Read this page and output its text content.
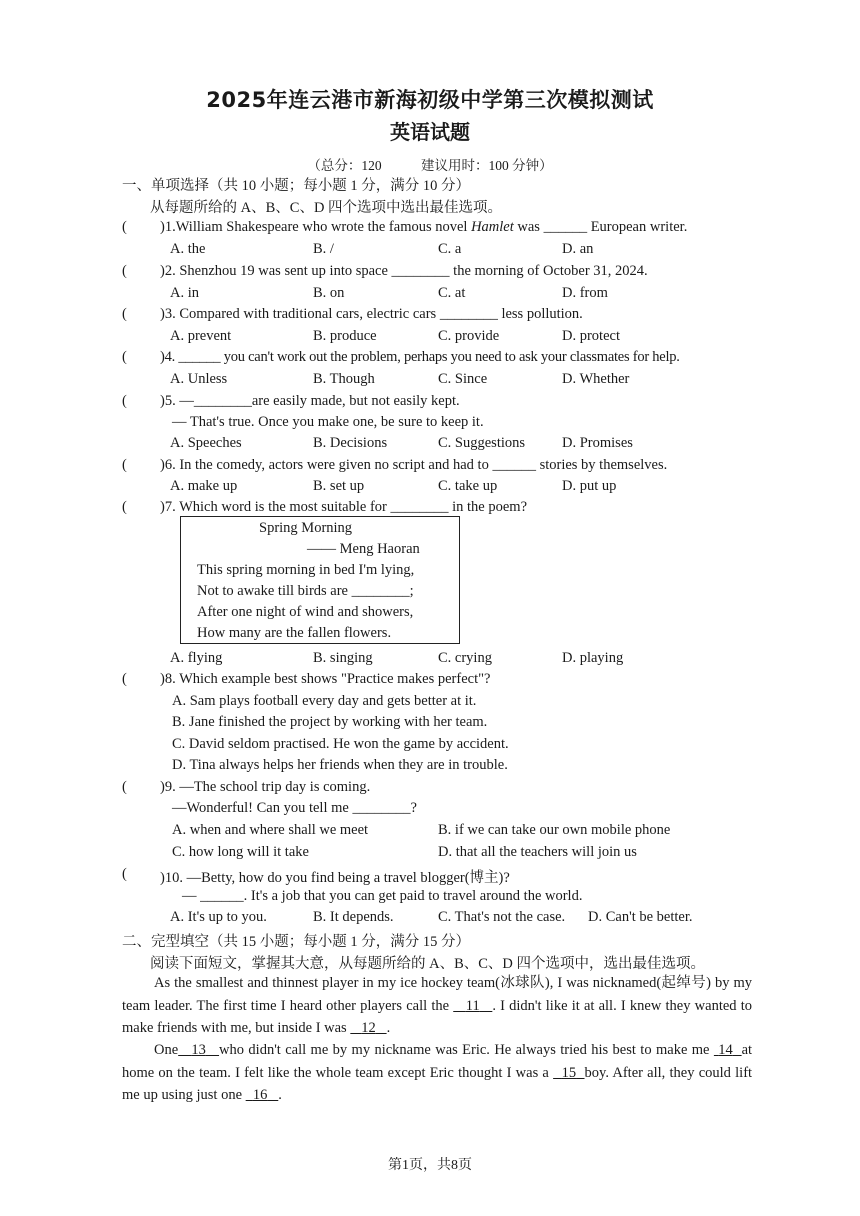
2025年连云港市新海初级中学第三次模拟测试
英语试题
（总分：120	建议用时：100 分钟）
一、单项选择（共 10 小题；每小题 1 分，满分 10 分）
从每题所给的 A、B、C、D 四个选项中选出最佳选项。
( )1.William Shakespeare who wrote the famous novel Hamlet was ______ European writer.
A. the	B. /	C. a	D. an
( )2. Shenzhou 19 was sent up into space ________ the morning of October 31, 2024.
A. in	B. on	C. at	D. from
( )3. Compared with traditional cars, electric cars ________ less pollution.
A. prevent	B. produce	C. provide	D. protect
( )4. ______ you can't work out the problem, perhaps you need to ask your classmates for help.
A. Unless	B. Though	C. Since	D. Whether
( )5. —________are easily made, but not easily kept.
— That's true. Once you make one, be sure to keep it.
A. Speeches	B. Decisions	C. Suggestions	D. Promises
( )6. In the comedy, actors were given no script and had to ______ stories by themselves.
A. make up	B. set up	C. take up	D. put up
( )7. Which word is the most suitable for ________ in the poem?
Spring Morning
—— Meng Haoran
This spring morning in bed I'm lying,
Not to awake till birds are ________;
After one night of wind and showers,
How many are the fallen flowers.
A. flying	B. singing	C. crying	D. playing
( )8. Which example best shows "Practice makes perfect"?
A. Sam plays football every day and gets better at it.
B. Jane finished the project by working with her team.
C. David seldom practised. He won the game by accident.
D. Tina always helps her friends when they are in trouble.
( )9. —The school trip day is coming.
—Wonderful! Can you tell me ________?
A. when and where shall we meet	B. if we can take our own mobile phone
C. how long will it take	D. that all the teachers will join us
( )10. —Betty, how do you find being a travel blogger(博主)?
— ______. It's a job that you can get paid to travel around the world.
A. It's up to you.	B. It depends.	C. That's not the case. D. Can't be better.
二、完型填空（共 15 小题；每小题 1 分，满分 15 分）
阅读下面短文，掌握其大意，从每题所给的 A、B、C、D 四个选项中，选出最佳选项。
As the smallest and thinnest player in my ice hockey team(冰球队), I was nicknamed(起绰号) by my team leader. The first time I heard other players call the 11 . I didn't like it at all. I knew they wanted to make friends with me, but inside I was 12 .
One 13 who didn't call me by my nickname was Eric. He always tried his best to make me 14 at home on the team. I felt like the whole team except Eric thought I was a 15 boy. After all, they could lift me up using just one 16 .
第1页，共8页
